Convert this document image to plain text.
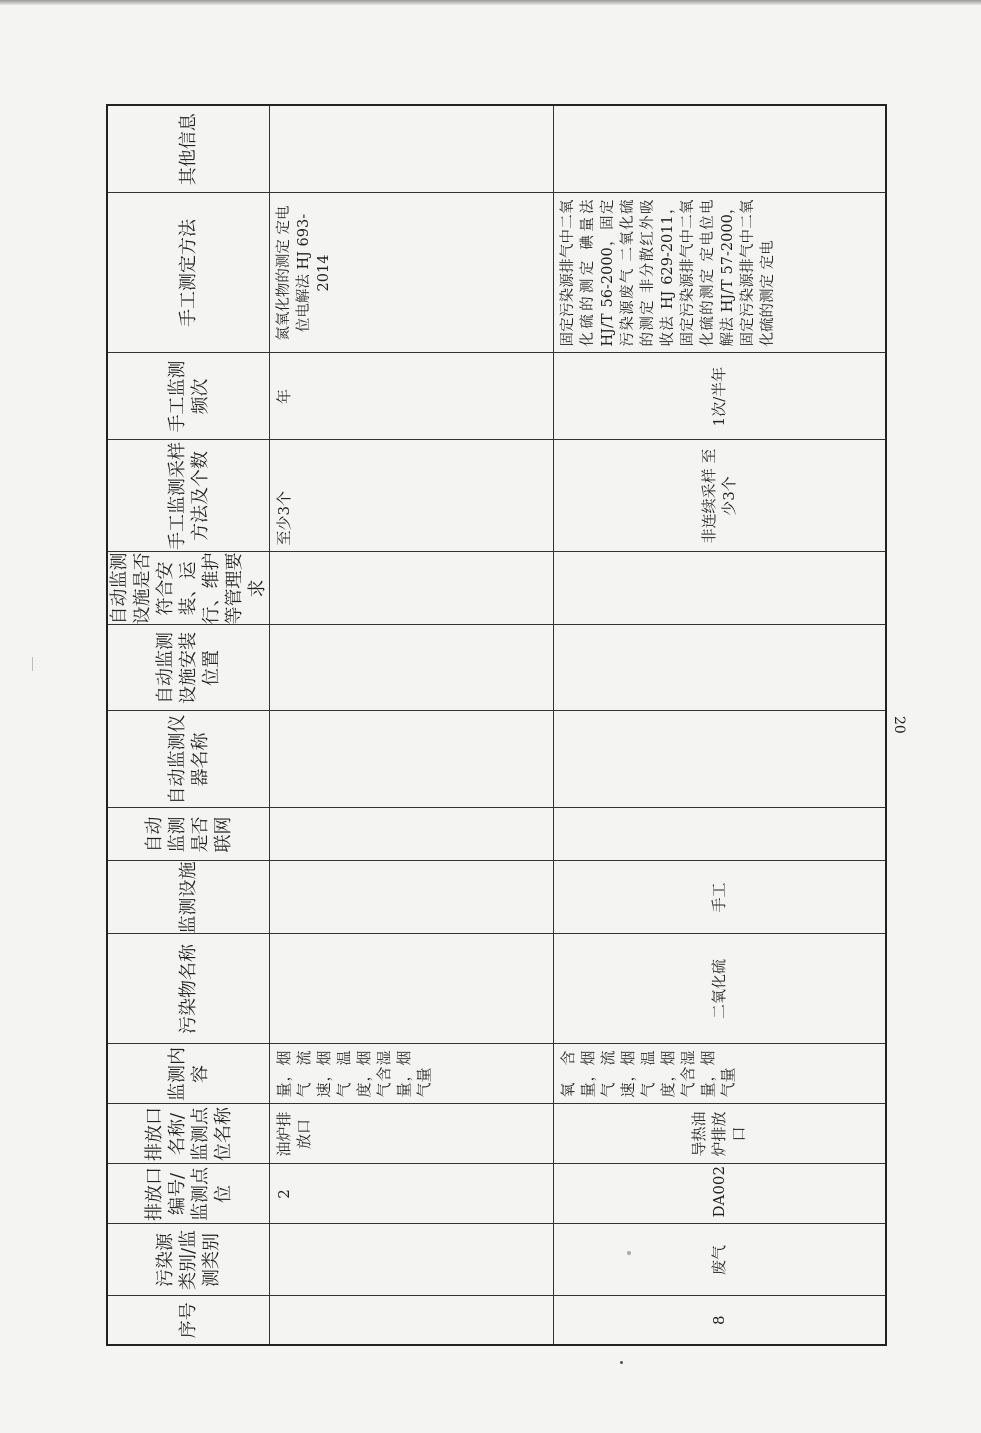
序号	污染源类别/监测类别	排放口编号/监测点位	排放口名称/监测点位名称	监测内容	污染物名称	监测设施	自动监测是否联网	自动监测仪器名称	自动监测设施安装位置	自动监测设施是否符合安装、运行、维护等管理要求	手工监测采样方法及个数	手工监测频次	手工测定方法	其他信息

		2	油炉排放口	量，烟气流速，烟气温度，烟气含湿量，烟气量							至少3个	年	氮氧化物的测定 定电位电解法 HJ 693-2014	

8	废气	DA002	导热油炉排放口	氧含量，烟气流速，烟气温度，烟气含湿量，烟气量	二氧化硫	手工					非连续采样 至少3个	1次/半年	固定污染源排气中二氧化硫的测定 碘量法 HJ/T 56-2000，固定污染源废气 二氧化硫的测定 非分散红外吸收法 HJ 629-2011，固定污染源排气中二氧化硫的测定 定电位电解法 HJ/T 57-2000，固定污染源排气中二氧化硫的测定 定电	

20
